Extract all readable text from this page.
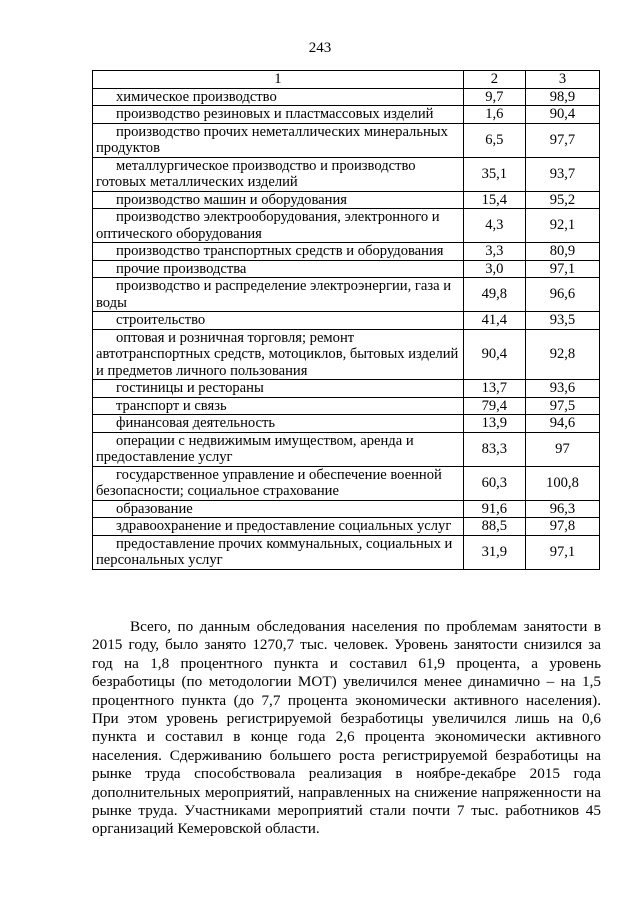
243
1	2	3
химическое производство	9,7	98,9
производство резиновых и пластмассовых изделий	1,6	90,4
производство прочих неметаллических минеральных продуктов	6,5	97,7
металлургическое производство и производство готовых металлических изделий	35,1	93,7
производство машин и оборудования	15,4	95,2
производство электрооборудования, электронного и оптического оборудования	4,3	92,1
производство транспортных средств и оборудования	3,3	80,9
прочие производства	3,0	97,1
производство и распределение электроэнергии, газа и воды	49,8	96,6
строительство	41,4	93,5
оптовая и розничная торговля; ремонт автотранспортных средств, мотоциклов, бытовых изделий и предметов личного пользования	90,4	92,8
гостиницы и рестораны	13,7	93,6
транспорт и связь	79,4	97,5
финансовая деятельность	13,9	94,6
операции с недвижимым имуществом, аренда и предоставление услуг	83,3	97
государственное управление и обеспечение военной безопасности; социальное страхование	60,3	100,8
образование	91,6	96,3
здравоохранение и предоставление социальных услуг	88,5	97,8
предоставление прочих коммунальных, социальных и персональных услуг	31,9	97,1

Всего, по данным обследования населения по проблемам занятости в 2015 году, было занято 1270,7 тыс. человек. Уровень занятости снизился за год на 1,8 процентного пункта и составил 61,9 процента, а уровень безработицы (по методологии МОТ) увеличился менее динамично – на 1,5 процентного пункта (до 7,7 процента экономически активного населения). При этом уровень регистрируемой безработицы увеличился лишь на 0,6 пункта и составил в конце года 2,6 процента экономически активного населения. Сдерживанию большего роста регистрируемой безработицы на рынке труда способствовала реализация в ноябре-декабре 2015 года дополнительных мероприятий, направленных на снижение напряженности на рынке труда. Участниками мероприятий стали почти 7 тыс. работников 45 организаций Кемеровской области.
